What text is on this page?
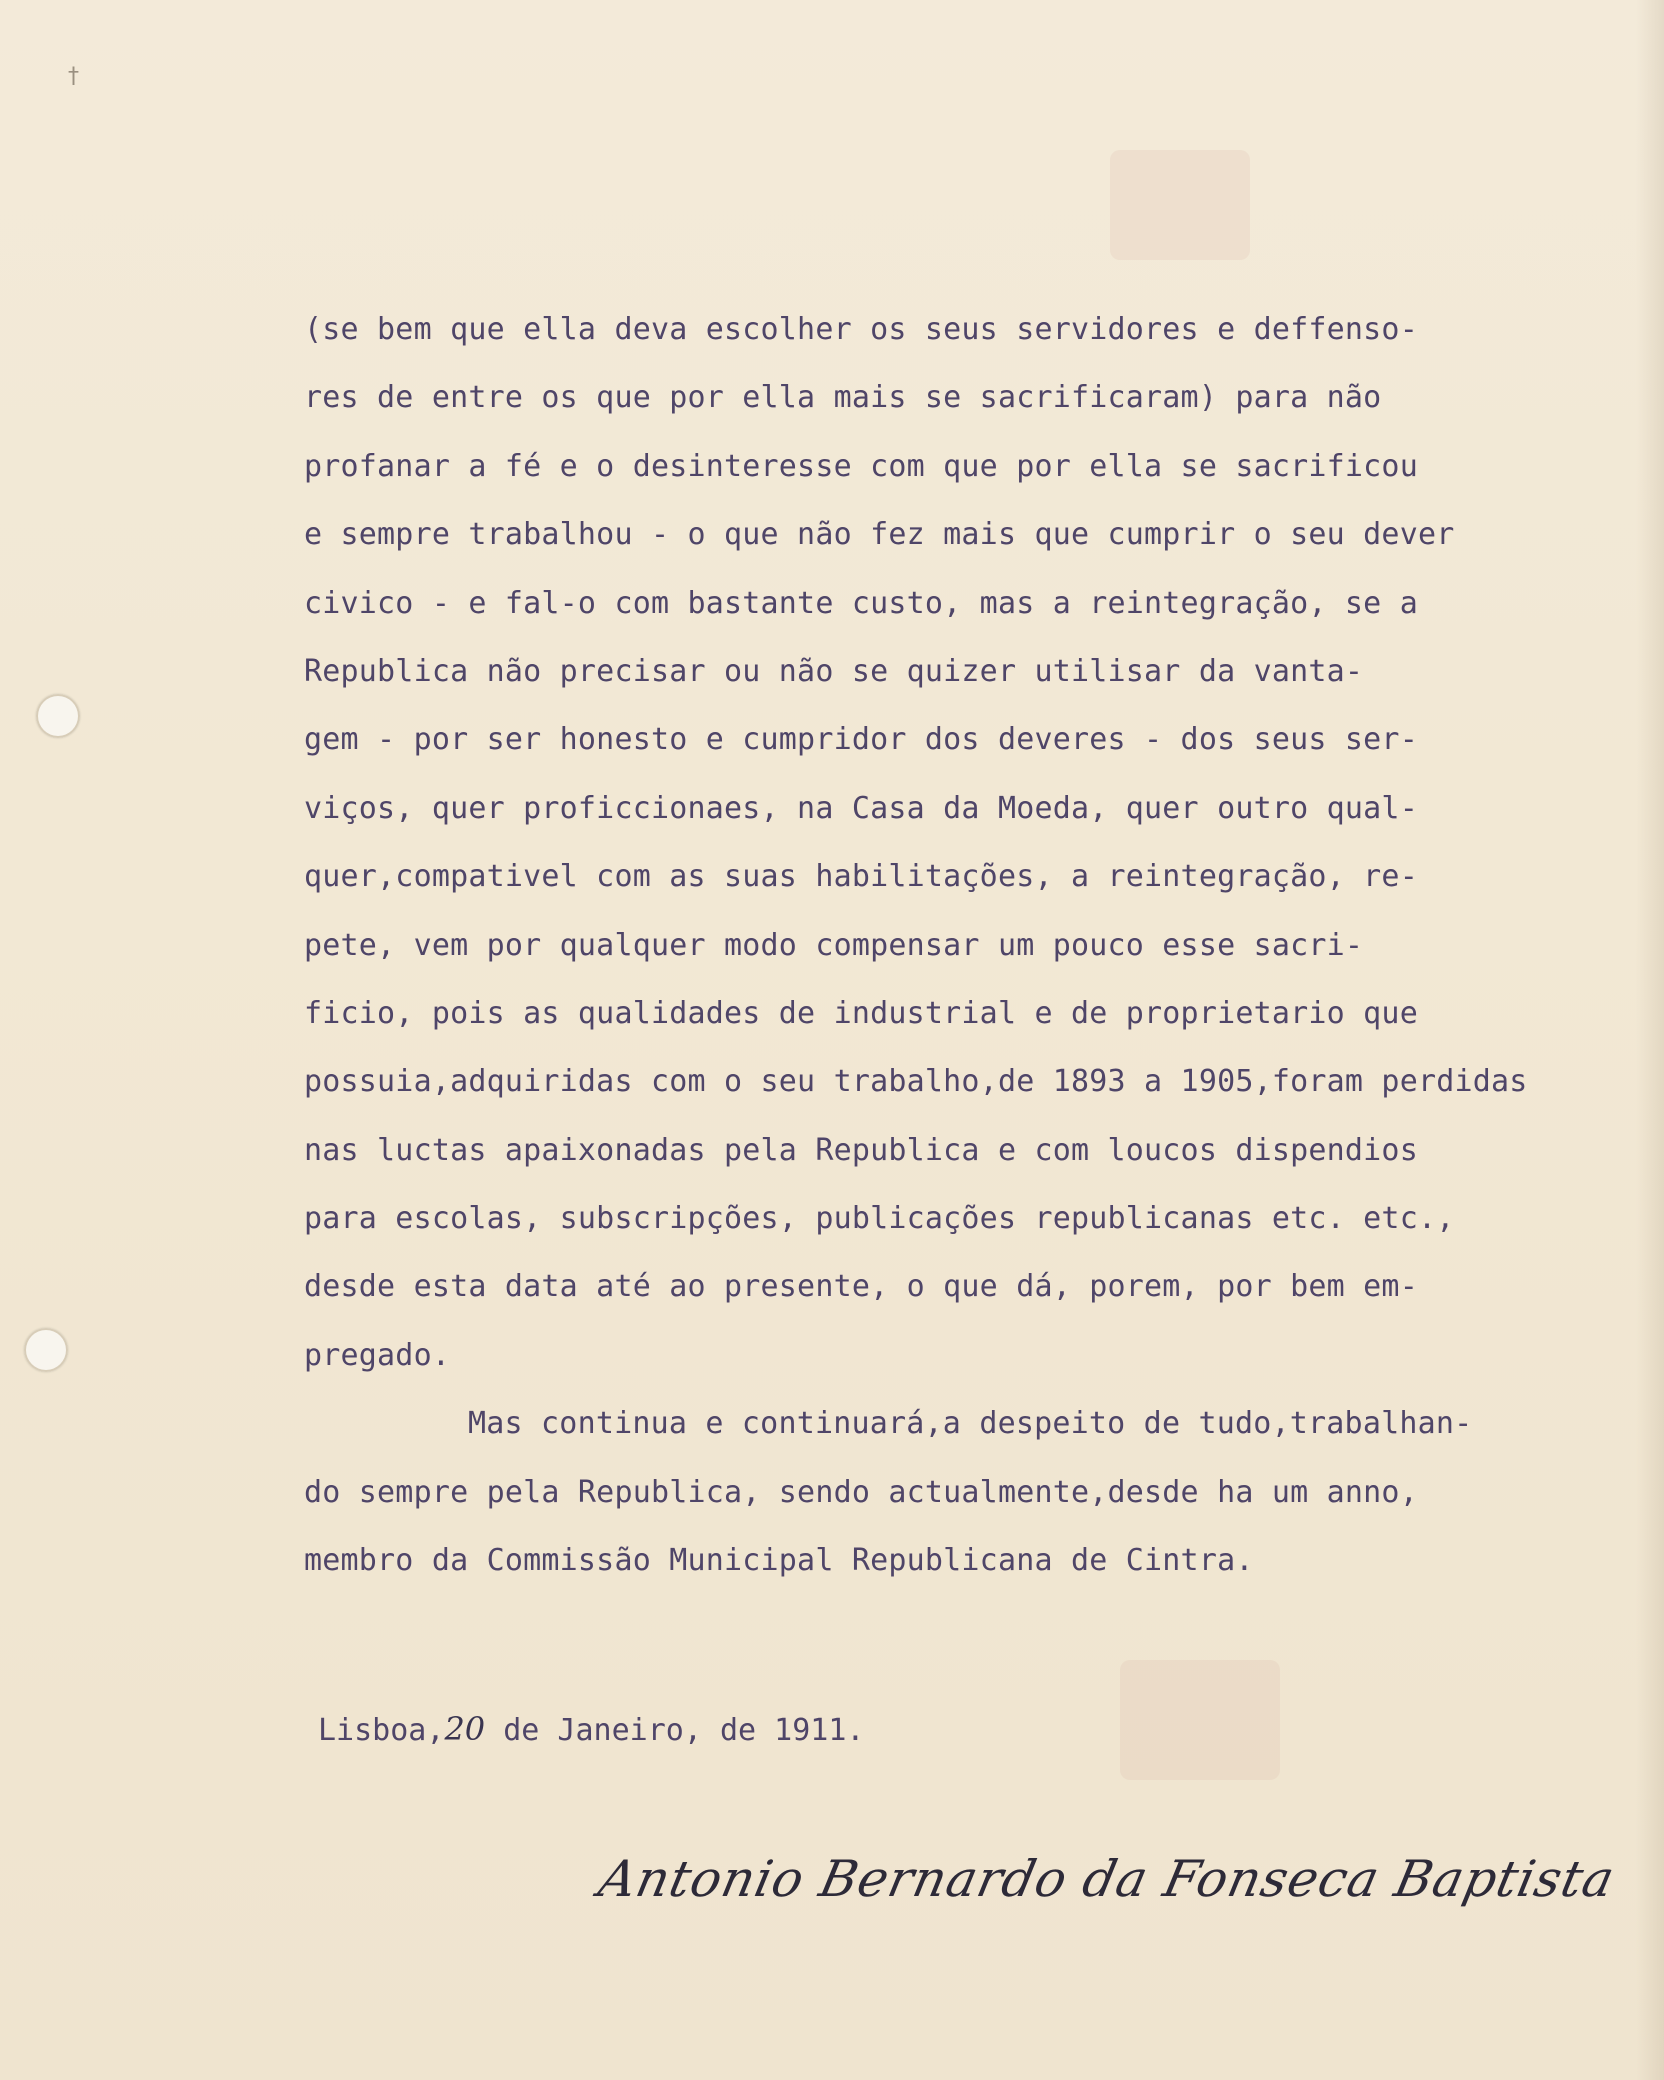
†
(se bem que ella deva escolher os seus servidores e deffenso-
res de entre os que por ella mais se sacrificaram) para não
profanar a fé e o desinteresse com que por ella se sacrificou
e sempre trabalhou - o que não fez mais que cumprir o seu dever
civico - e fal-o com bastante custo, mas a reintegração, se a
Republica não precisar ou não se quizer utilisar da vanta-
gem - por ser honesto e cumpridor dos deveres - dos seus ser-
viços, quer proficcionaes, na Casa da Moeda, quer outro qual-
quer,compativel com as suas habilitações, a reintegração, re-
pete, vem por qualquer modo compensar um pouco esse sacri-
ficio, pois as qualidades de industrial e de proprietario que
possuia,adquiridas com o seu trabalho,de 1893 a 1905,foram perdidas
nas luctas apaixonadas pela Republica e com loucos dispendios
para escolas, subscripções, publicações republicanas etc. etc.,
desde esta data até ao presente, o que dá, porem, por bem em-
pregado.
Mas continua e continuará,a despeito de tudo,trabalhan-
do sempre pela Republica, sendo actualmente,desde ha um anno,
membro da Commissão Municipal Republicana de Cintra.
Lisboa,20 de Janeiro, de 1911.
Antonio Bernardo da Fonseca Baptista
